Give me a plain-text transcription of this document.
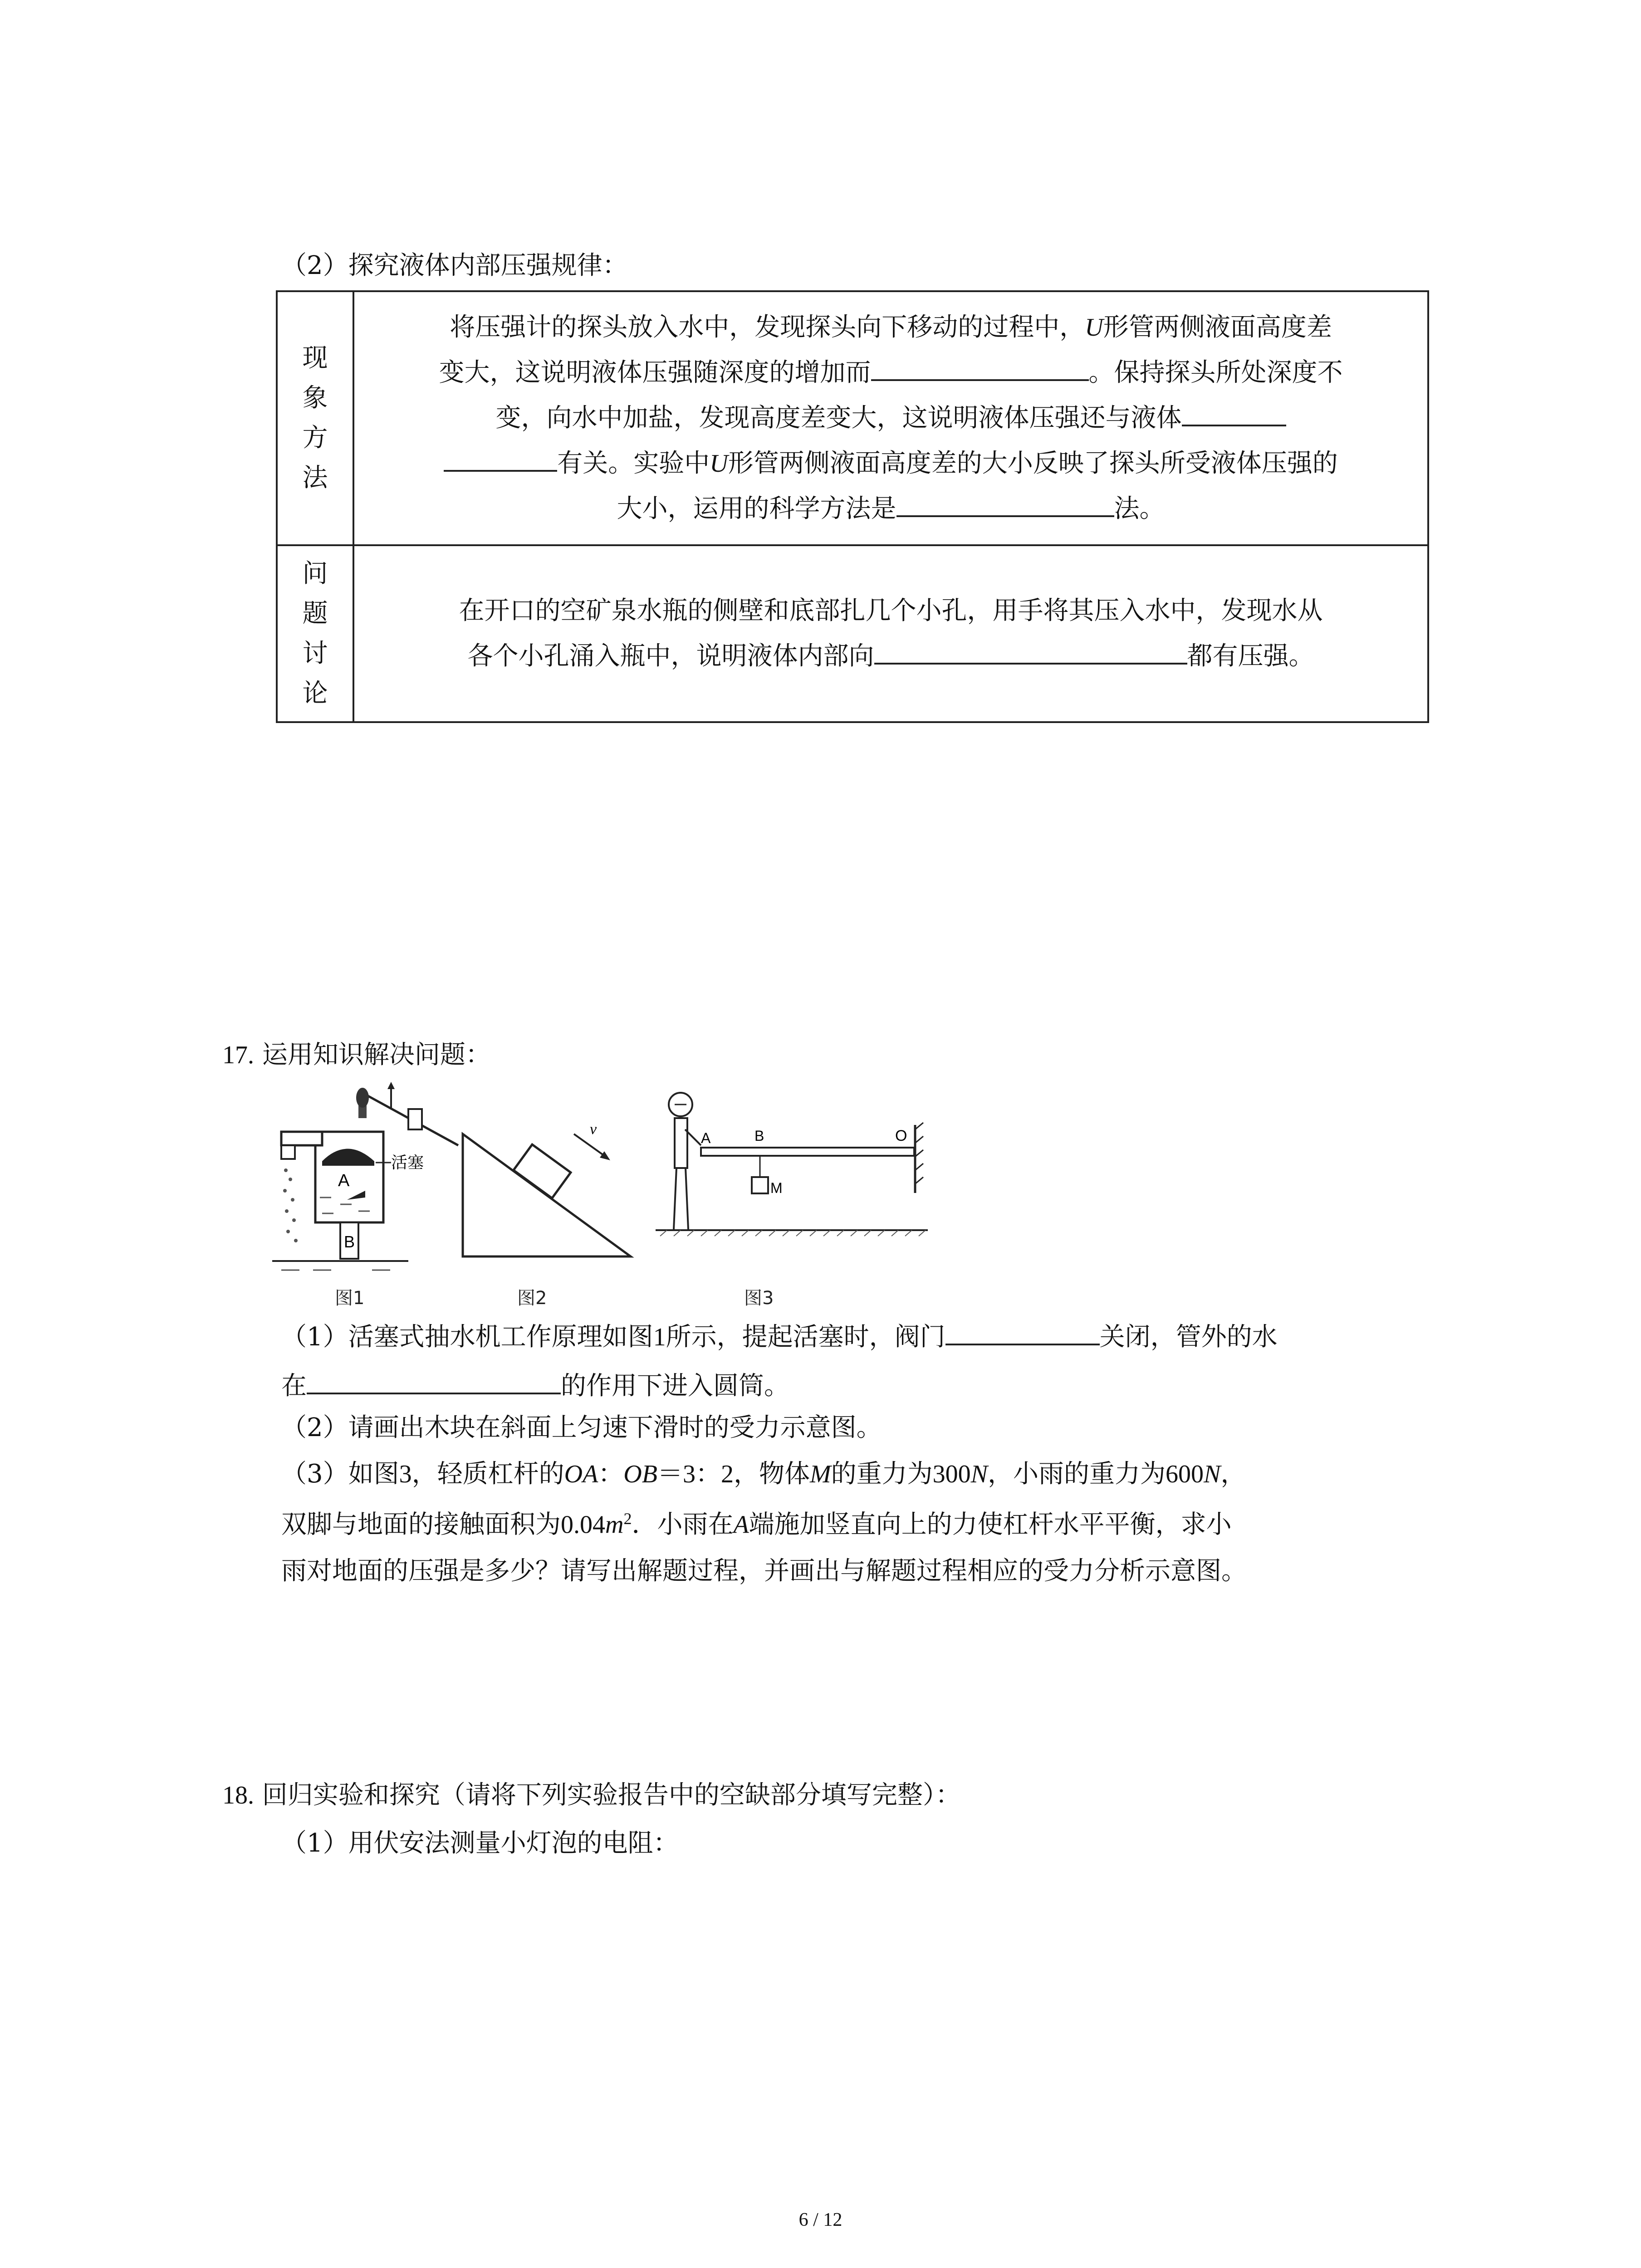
（2）探究液体内部压强规律：
现
象
方
法	将压强计的探头放入水中，发现探头向下移动的过程中，U形管两侧液面高度差
变大，这说明液体压强随深度的增加而 。保持探头所处深度不
变，向水中加盐，发现高度差变大，这说明液体压强还与液体
有关。实验中U形管两侧液面高度差的大小反映了探头所受液体压强的
大小，运用的科学方法是 法。

问
题
讨
论	在开口的空矿泉水瓶的侧壁和底部扎几个小孔，用手将其压入水中，发现水从
各个小孔涌入瓶中，说明液体内部向 都有压强。
17. 运用知识解决问题：
A
活塞
B
图1
v
图2
A	B	O
M
图3
（1）活塞式抽水机工作原理如图1所示，提起活塞时，阀门	关闭，管外的水
在	的作用下进入圆筒。
（2）请画出木块在斜面上匀速下滑时的受力示意图。
（3）如图3，轻质杠杆的OA：OB＝3：2，物体M的重力为300N，小雨的重力为600N，
双脚与地面的接触面积为$0.04m^2$．小雨在A端施加竖直向上的力使杠杆水平平衡，求小
雨对地面的压强是多少？请写出解题过程，并画出与解题过程相应的受力分析示意图。
18. 回归实验和探究（请将下列实验报告中的空缺部分填写完整）：
（1）用伏安法测量小灯泡的电阻：
6 / 12
